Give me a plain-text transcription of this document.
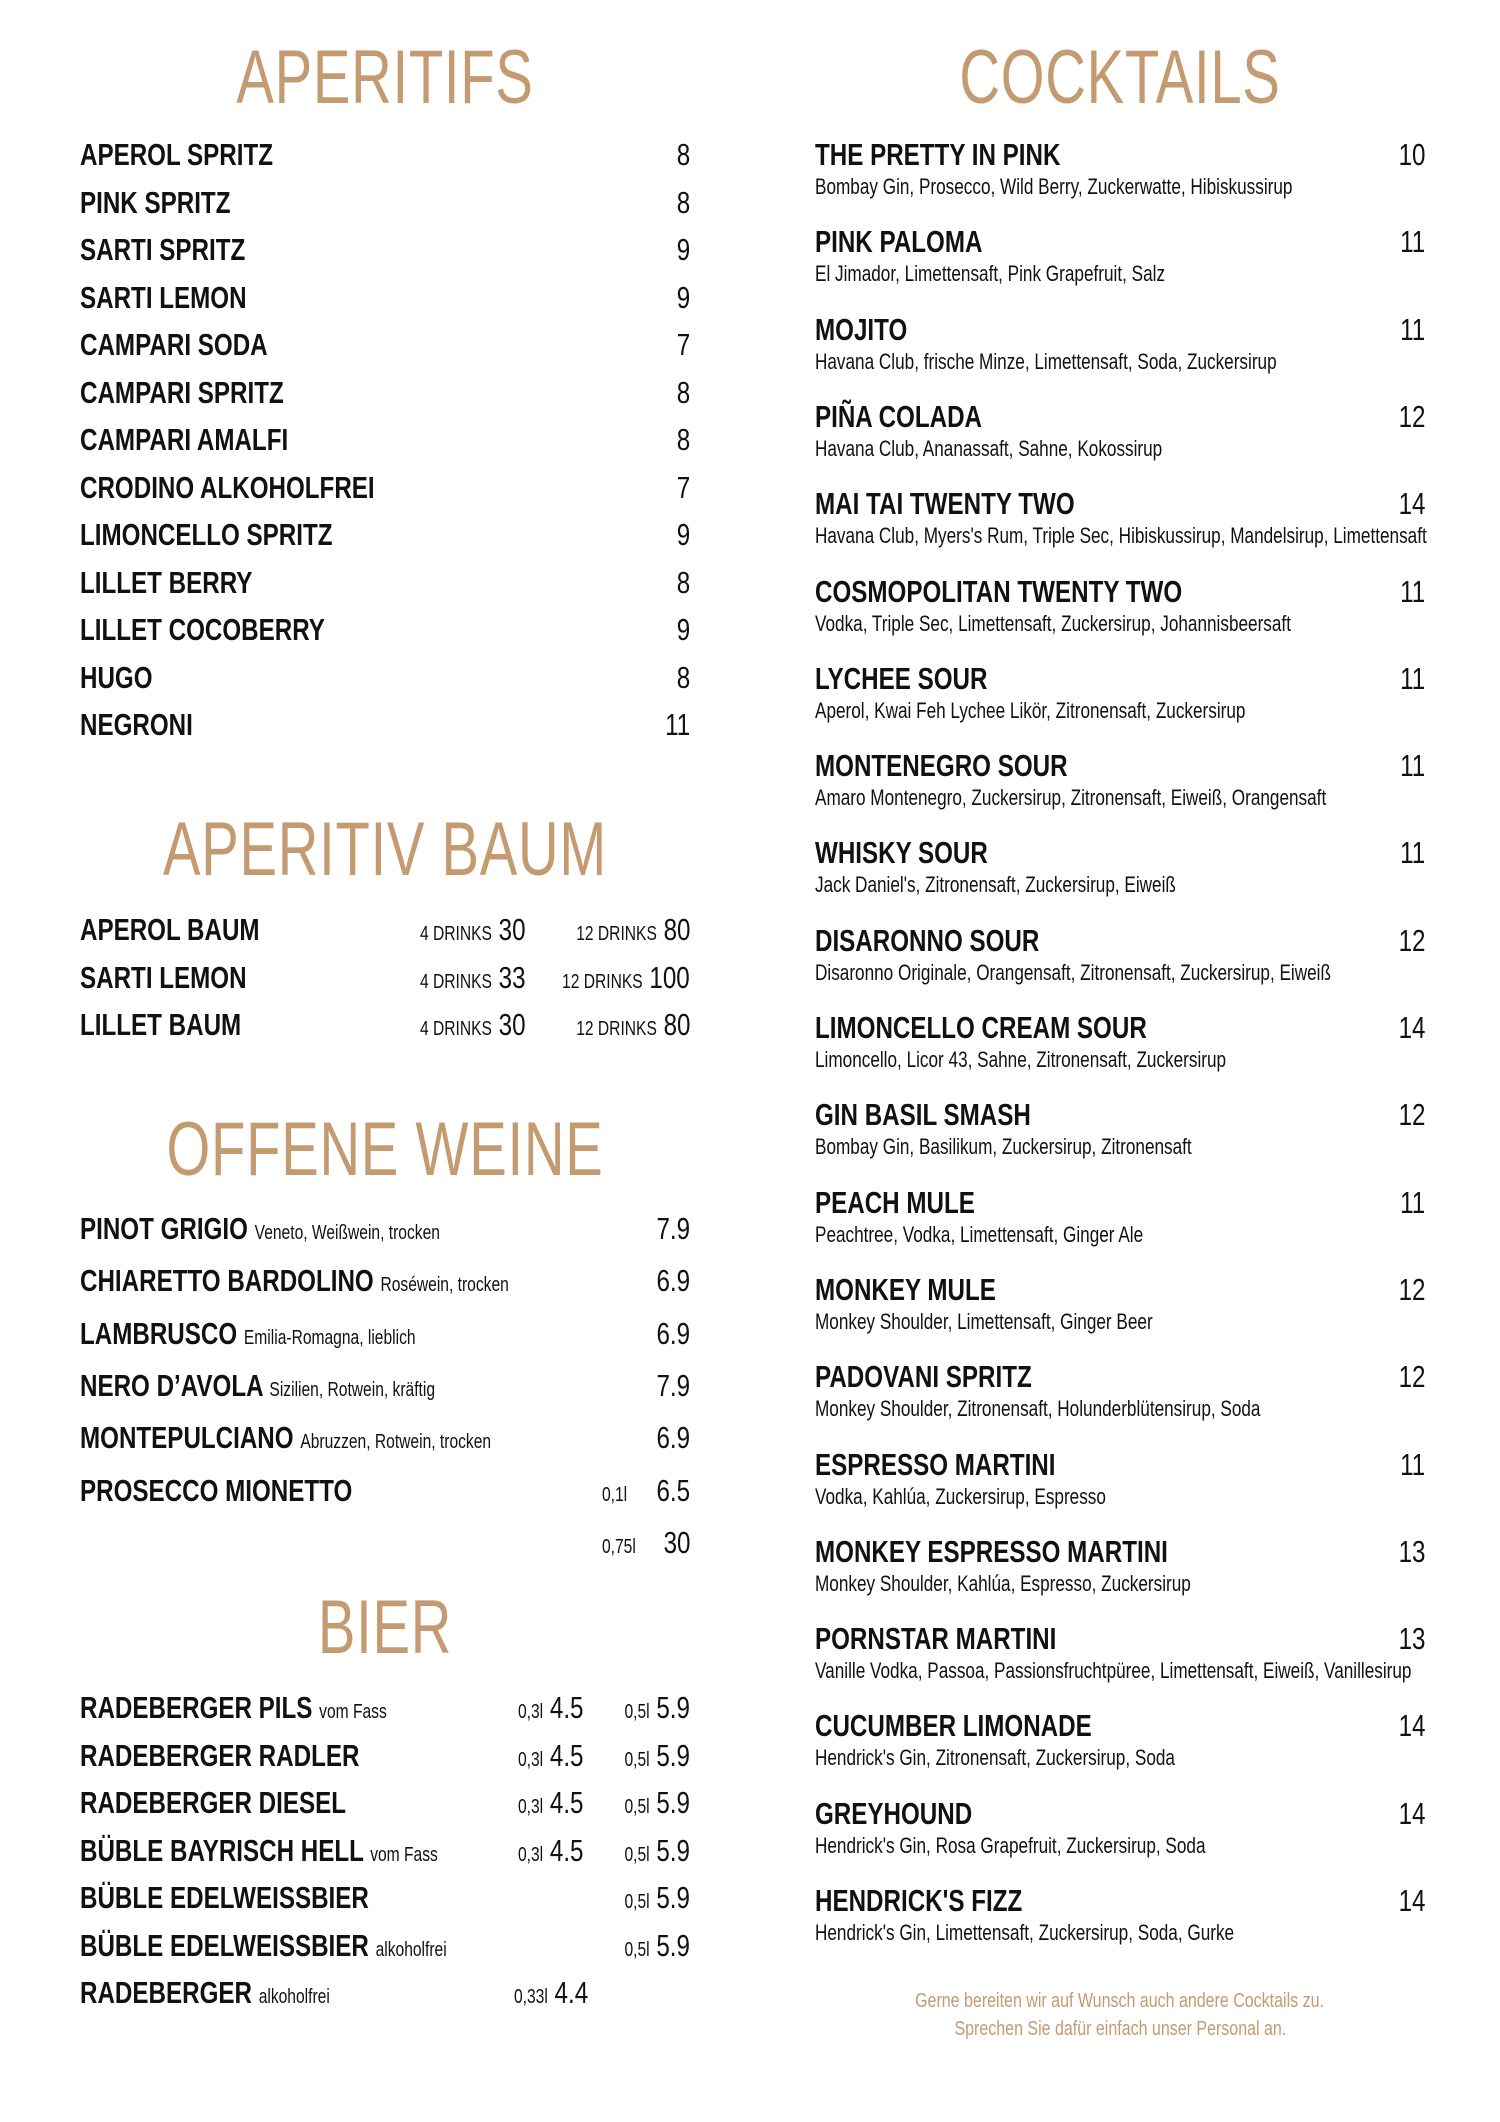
APERITIFS
APEROL SPRITZ	8
PINK SPRITZ	8
SARTI SPRITZ	9
SARTI LEMON	9
CAMPARI SODA	7
CAMPARI SPRITZ	8
CAMPARI AMALFI	8
CRODINO ALKOHOLFREI	7
LIMONCELLO SPRITZ	9
LILLET BERRY	8
LILLET COCOBERRY	9
HUGO	8
NEGRONI	11
APERITIV BAUM
APEROL BAUM	4 DRINKS 30	12 DRINKS 80
SARTI LEMON	4 DRINKS 33	12 DRINKS 100
LILLET BAUM	4 DRINKS 30	12 DRINKS 80
OFFENE WEINE
PINOT GRIGIO Veneto, Weißwein, trocken	7.9
CHIARETTO BARDOLINO Roséwein, trocken	6.9
LAMBRUSCO Emilia-Romagna, lieblich	6.9
NERO D’AVOLA Sizilien, Rotwein, kräftig	7.9
MONTEPULCIANO Abruzzen, Rotwein, trocken	6.9
PROSECCO MIONETTO	0,1l 6.5
0,75l 30
BIER
RADEBERGER PILS vom Fass	0,3l 4.5	0,5l 5.9
RADEBERGER RADLER	0,3l 4.5	0,5l 5.9
RADEBERGER DIESEL	0,3l 4.5	0,5l 5.9
BÜBLE BAYRISCH HELL vom Fass	0,3l 4.5	0,5l 5.9
BÜBLE EDELWEISSBIER	0,5l 5.9
BÜBLE EDELWEISSBIER alkoholfrei	0,5l 5.9
RADEBERGER alkoholfrei	0,33l 4.4
COCKTAILS
THE PRETTY IN PINK	10
Bombay Gin, Prosecco, Wild Berry, Zuckerwatte, Hibiskussirup
PINK PALOMA	11
El Jimador, Limettensaft, Pink Grapefruit, Salz
MOJITO	11
Havana Club, frische Minze, Limettensaft, Soda, Zuckersirup
PIÑA COLADA	12
Havana Club, Ananassaft, Sahne, Kokossirup
MAI TAI TWENTY TWO	14
Havana Club, Myers's Rum, Triple Sec, Hibiskussirup, Mandelsirup, Limettensaft
COSMOPOLITAN TWENTY TWO	11
Vodka, Triple Sec, Limettensaft, Zuckersirup, Johannisbeersaft
LYCHEE SOUR	11
Aperol, Kwai Feh Lychee Likör, Zitronensaft, Zuckersirup
MONTENEGRO SOUR	11
Amaro Montenegro, Zuckersirup, Zitronensaft, Eiweiß, Orangensaft
WHISKY SOUR	11
Jack Daniel's, Zitronensaft, Zuckersirup, Eiweiß
DISARONNO SOUR	12
Disaronno Originale, Orangensaft, Zitronensaft, Zuckersirup, Eiweiß
LIMONCELLO CREAM SOUR	14
Limoncello, Licor 43, Sahne, Zitronensaft, Zuckersirup
GIN BASIL SMASH	12
Bombay Gin, Basilikum, Zuckersirup, Zitronensaft
PEACH MULE	11
Peachtree, Vodka, Limettensaft, Ginger Ale
MONKEY MULE	12
Monkey Shoulder, Limettensaft, Ginger Beer
PADOVANI SPRITZ	12
Monkey Shoulder, Zitronensaft, Holunderblütensirup, Soda
ESPRESSO MARTINI	11
Vodka, Kahlúa, Zuckersirup, Espresso
MONKEY ESPRESSO MARTINI	13
Monkey Shoulder, Kahlúa, Espresso, Zuckersirup
PORNSTAR MARTINI	13
Vanille Vodka, Passoa, Passionsfruchtpüree, Limettensaft, Eiweiß, Vanillesirup
CUCUMBER LIMONADE	14
Hendrick's Gin, Zitronensaft, Zuckersirup, Soda
GREYHOUND	14
Hendrick's Gin, Rosa Grapefruit, Zuckersirup, Soda
HENDRICK'S FIZZ	14
Hendrick's Gin, Limettensaft, Zuckersirup, Soda, Gurke
Gerne bereiten wir auf Wunsch auch andere Cocktails zu.
Sprechen Sie dafür einfach unser Personal an.
